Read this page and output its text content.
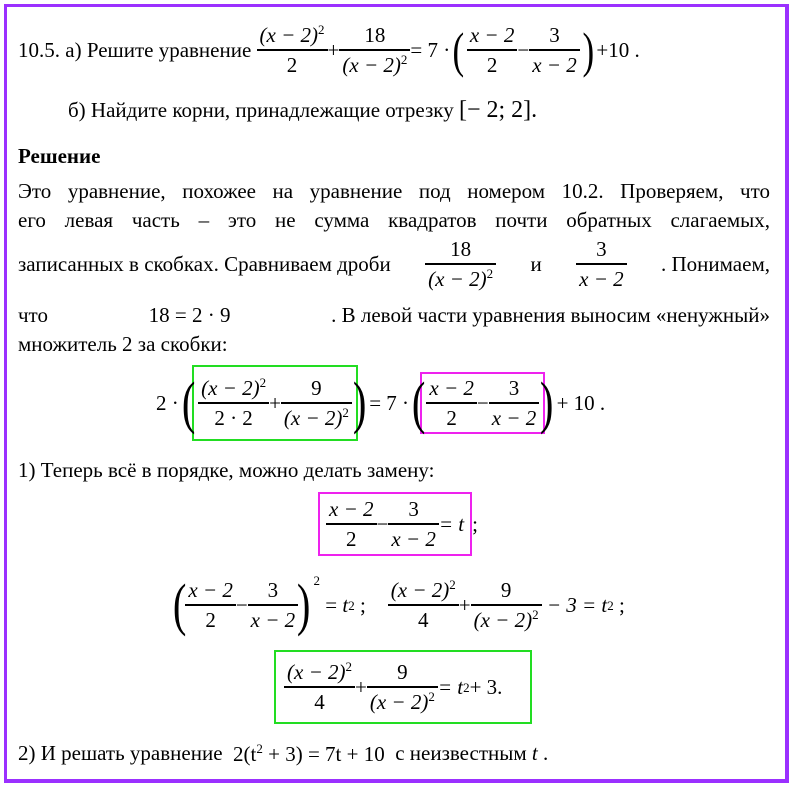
10.5.
а) Решите уравнение
$\frac{(x - 2)^2}{2} + \frac{18}{(x - 2)^2} = 7$ · ( $\frac{x - 2}{2} - \frac{3}{x - 2}$ ) +10 .
б) Найдите корни, принадлежащие отрезку [− 2; 2].
Решение
Это уравнение, похожее на уравнение под номером 10.2. Проверяем, что
его левая часть – это не сумма квадратов почти обратных слагаемых,
записанных в скобках. Сравниваем дроби $\frac{18}{(x - 2)^2}$ и $\frac{3}{x - 2}$ . Понимаем,
что	18 = 2 · 9	. В левой части уравнения выносим «ненужный»
множитель 2 за скобки:
2 · ( $\frac{(x - 2)^2}{2 \cdot 2} + \frac{9}{(x - 2)^2}$ ) = 7 · ( $\frac{x - 2}{2} - \frac{3}{x - 2}$ ) + 10 .
1) Теперь всё в порядке, можно делать замену:
$\frac{x - 2}{2} - \frac{3}{x - 2} = t$ ;
(
$\frac{x - 2}{2} - \frac{3}{x - 2}$
) 2

=
t 2
; $\frac{(x - 2)^2}{4} + \frac{9}{(x - 2)^2}$
− 3 = t 2
;
$\frac{(x - 2)^2}{4} + \frac{9}{(x - 2)^2} = t$ 2 + 3.
2) И решать уравнение
$2(t^2 + 3) = 7t + 10$
с неизвестным
t
.
